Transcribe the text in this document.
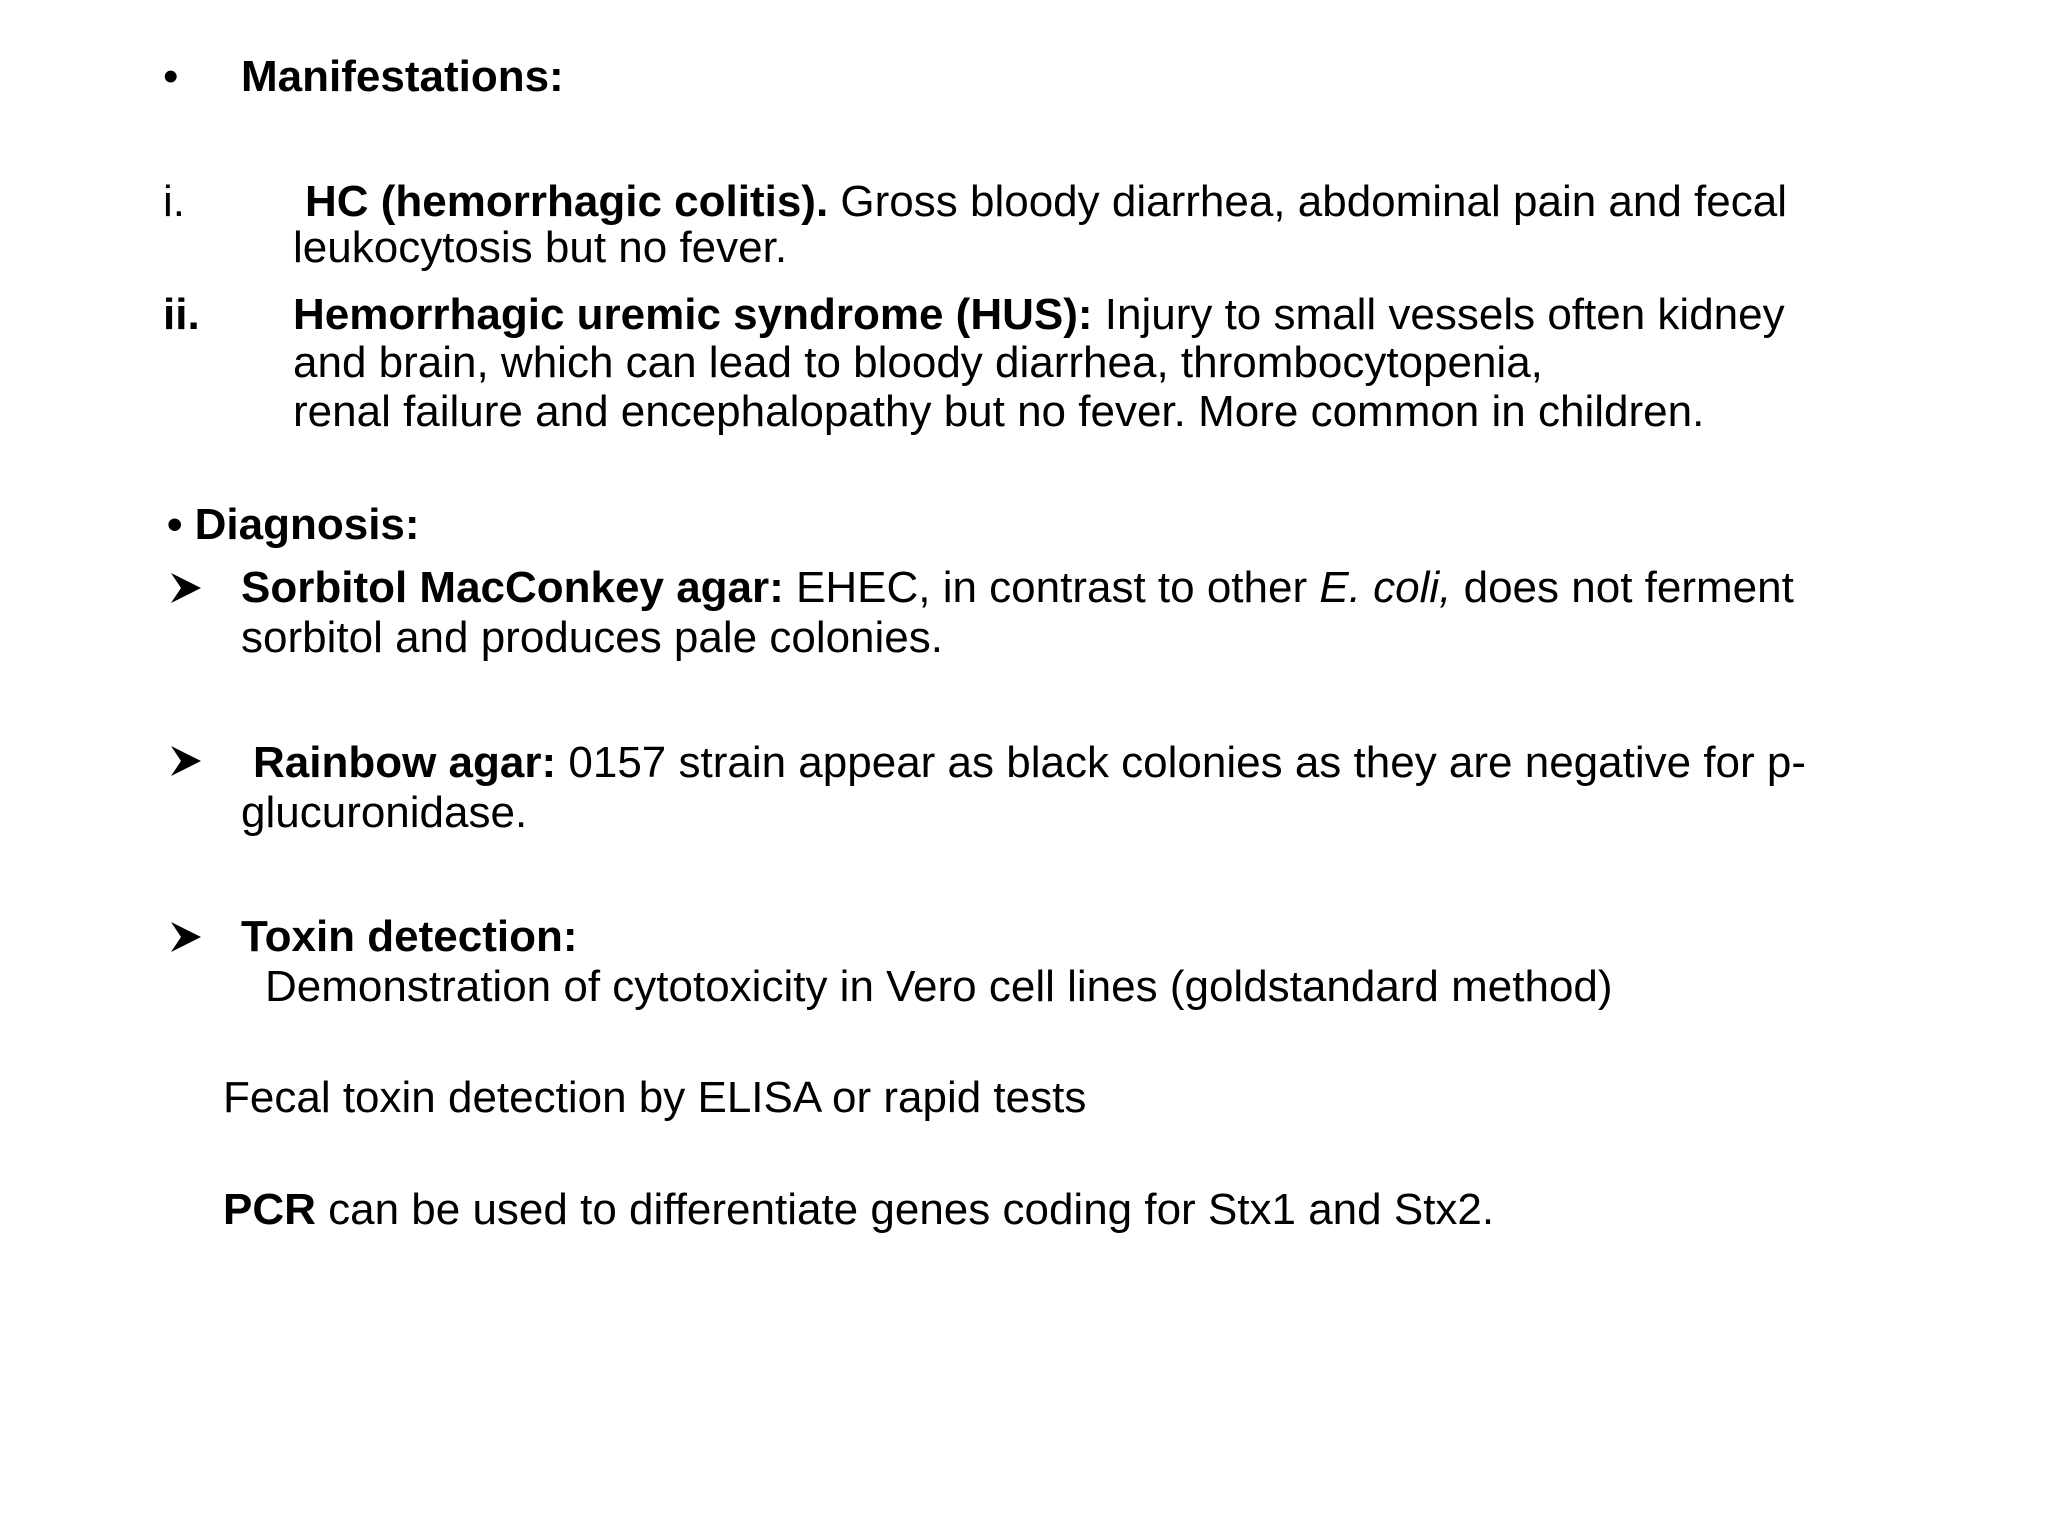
• Manifestations:
i.	HC (hemorrhagic colitis). Gross bloody diarrhea, abdominal pain and fecal
leukocytosis but no fever.
ii. Hemorrhagic uremic syndrome (HUS): Injury to small vessels often kidney
and brain, which can lead to bloody diarrhea, thrombocytopenia,
renal failure and encephalopathy but no fever. More common in children.
• Diagnosis:
Sorbitol MacConkey agar: EHEC, in contrast to other E. coli, does not ferment
sorbitol and produces pale colonies.
Rainbow agar: 0157 strain appear as black colonies as they are negative for p-
glucuronidase.
Toxin detection:
Demonstration of cytotoxicity in Vero cell lines (goldstandard method)
Fecal toxin detection by ELISA or rapid tests
PCR can be used to differentiate genes coding for Stx1 and Stx2.
